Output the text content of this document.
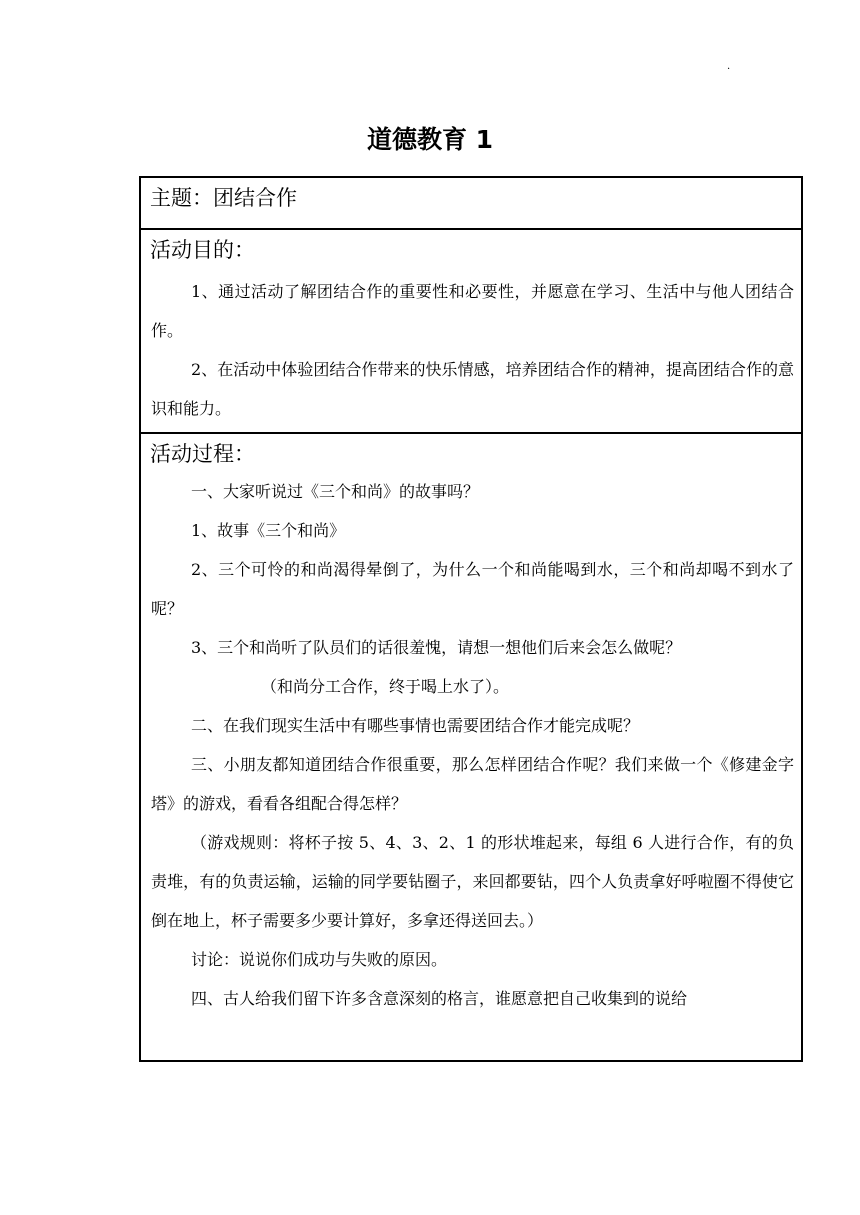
.
道德教育 1
主题：团结合作
活动目的：
1、通过活动了解团结合作的重要性和必要性，并愿意在学习、生活中与他人团结合作。
2、在活动中体验团结合作带来的快乐情感，培养团结合作的精神，提高团结合作的意识和能力。
活动过程：
一、大家听说过《三个和尚》的故事吗？
1、故事《三个和尚》
2、三个可怜的和尚渴得晕倒了，为什么一个和尚能喝到水，三个和尚却喝不到水了呢？
3、三个和尚听了队员们的话很羞愧，请想一想他们后来会怎么做呢？
（和尚分工合作，终于喝上水了）。
二、在我们现实生活中有哪些事情也需要团结合作才能完成呢？
三、小朋友都知道团结合作很重要，那么怎样团结合作呢？我们来做一个《修建金字塔》的游戏，看看各组配合得怎样？
（游戏规则：将杯子按 5、4、3、2、1 的形状堆起来，每组 6 人进行合作，有的负责堆，有的负责运输，运输的同学要钻圈子，来回都要钻，四个人负责拿好呼啦圈不得使它倒在地上，杯子需要多少要计算好，多拿还得送回去。）
讨论：说说你们成功与失败的原因。
四、古人给我们留下许多含意深刻的格言，谁愿意把自己收集到的说给
